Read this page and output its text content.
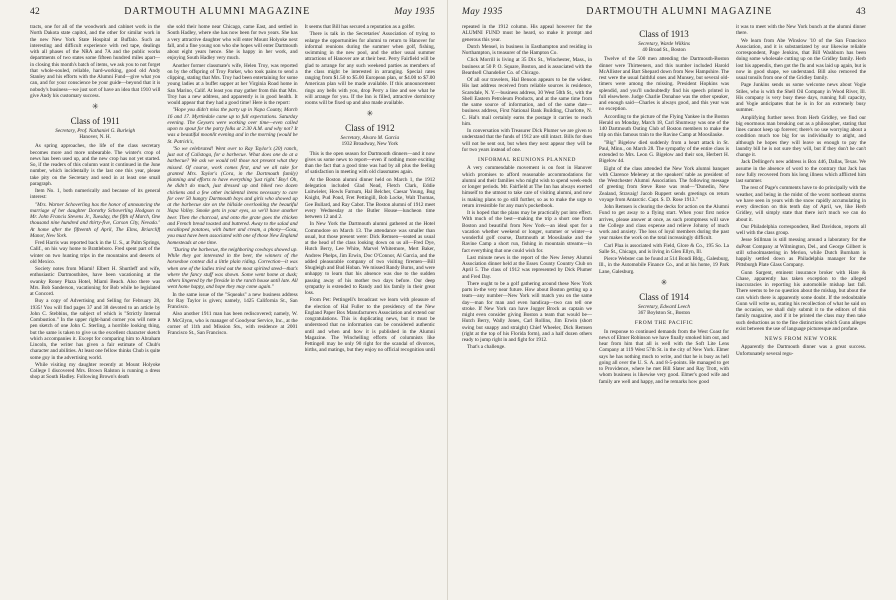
42	DARTMOUTH ALUMNI MAGAZINE	May 1935

tracts, one for all of the woodwork and cabinet work in the North Dakota state capitol, and the other for similar work in the new New York State Hospital at Buffalo. Such an interesting and difficult experience with red tape, dealings with all phases of the NRA and 7A and the public works departments of two states some fifteen hundred miles apart—in closing this month's batch of items, we ask you to not forget that whole-souled, reliable, hard-working, good old Andy Stanley and his efforts with the Alumni Fund—give what you can, and for your conscience be your guide—beyond that it is nobody's business—we just sort of have an idea that 1910 will give Andy his customary success.

✳
Class of 1911
Secretary, Prof. Nathaniel G. Burleigh
Hanover, N. H.

As spring approaches, the life of the class secretary becomes more and more unbearable. The winter's crop of news has been used up, and the new crop has not yet started. So, if the readers of this column want it continued in the June number, which incidentally is the last one this year, please take pity on the Secretary and send in at least one small paragraph.

Item No. 1, both numerically and because of its general interest:

"Mrs. Warner Schoverling has the honor of announcing the marriage of her daughter Dorothy Schoverling Hodgson to Mr. John Francis Stevens Jr., Tuesday, the fifth of March, One thousand nine hundred and thirty-five, Carson City, Nevada." At home after the fifteenth of April, The Elms, Briarcliff Manor, New York.

Fred Harris was reported back in the U. S., at Palm Springs, Calif., on his way home to Brattleboro. Fred spent part of the winter on two hunting trips in the mountains and deserts of old Mexico.

Society notes from Miami! Elbert H. Shurtleff and wife, enthusiastic Dartmouthites, have been vacationing at the swanky Roney Plaza Hotel, Miami Beach. Also there was Mrs. Bob Sanderson, vacationing for Bob while he legislated at Concord.

Buy a copy of Advertising and Selling for February 28, 1935! You will find pages 37 and 38 devoted to an article by John C. Stebbins, the subject of which is "Strictly Internal Combustion." In the upper right-hand corner you will note a pen sketch of one John C. Sterling, a horrible looking thing, but the same is taken to give us the excellent character sketch which accompanies it. Except for comparing him to Abraham Lincoln, the writer has given a fair estimate of Chub's character and abilities. At least one fellow thinks Chub is quite some guy in the advertising world.

While visiting my daughter recently at Mount Holyoke College I discovered Mrs. Brown Ralston is running a dress shop at South Hadley. Following Brown's death

she sold their home near Chicago, came East, and settled in South Hadley, where she has now been for two years. She has a very attractive daughter who will enter Mount Holyoke next fall, and a fine young son who she hopes will enter Dartmouth about eight years hence. She is happy in her work, and enjoying South Hadley very much.

Another former classmate's wife, Helen Troy, was reported on by the offspring of Troy Parker, who took pains to send a clipping, stating that Mrs. Troy had been entertaining for some young ladies at a buffet supper at her Virginia Road home in San Marino, Calif. At least you may gather from this that Mrs. Troy has a new address, and apparently is in good health. It would appear that they had a good time! Here is the report:

"Hope you didn't miss the party up in Napa County, March 16 and 17. Myrtledale came up to full expectations. Saturday evening. The Geysers were working over time—even called upon to spout for the party folks at 2:30 A.M. and why not? It was a beautiful moonlit evening and in the morning (would be St. Patrick's,

"So we celebrated! Went over to Ray Taylor's (20) ranch, just out of Calistoga, for a barbecue. What does one do at a barbecue? We ask we would tell those not present what they missed. Of course, work comes first, and we all take for granted Mrs. Taylor's (Cora, in the Dartmouth family) planning and efforts to have everything 'just right.' Boy! Oh, he didn't do much, just dressed up and hiked two dozen chickens and a few other incidental items necessary to care for over 50 hungry Dartmouth boys and girls who showed up at the barbecue site on the hillside overlooking the beautiful Napa Valley. Smoke gets in your eyes, so we'll have another beer. Then the charcoal, and onto the grate goes the chicken and French bread toasted and buttered. Away to the salad and escalloped potatoes, with butter and cream, a phony—Gosu, you must have been associated with one of those New England homesteads at one time.

"During the barbecue, the neighboring cowboys showed up. While they got interested in the beer, the winners of the horseshoe contest did a little plain riding. Correction—it was when one of the ladies tried out the most spirited steed—that's where the fancy stuff was shown. Some went home at dusk; others lingered by the fireside in the ranch house until late. All went home happy, and hope they may come again."

In the same issue of the "Squeaks" a new business address for Ray Taylor is given; namely, 1425 California St., San Francisco.

Also another 1911 man has been rediscovered; namely, W. P. McGlynn, who is manager of Goodyear Service, Inc., at the corner of 11th and Mission Sts., with residence at 2001 Francisco St., San Francisco.

It seems that Bill has secured a reputation as a golfer.

There is talk in the Secretaries' Association of trying to enlarge the opportunities for alumni to return to Hanover for informal reunions during the summer when golf, fishing, swimming in the new pool, and the other usual summer attractions of Hanover are at their best. Perry Fairfield will be glad to arrange for any such weekend parties as members of the class might be interested in arranging. Special rates ranging from $1.50 to $5.00 European plan, or $4.00 to $7.00 American plan will be made available. If this announcement rings any bells with you, drop Perry a line and see what he will arrange for you. If the Inn is filled, attractive dormitory rooms will be fixed up and also made available.

✳
Class of 1912
Secretary, Alvaro M. Garcia
1932 Broadway, New York

This is the open season for Dartmouth dinners—and it now gives us some news to report—even if nothing more exciting than the fact that a good time was had by all plus the feeling of satisfaction in meeting with old classmates again.

At the Boston alumni dinner held on March 1, the 1912 delegation included Glad Nead, Fletch Clark, Eddie Luitwieler, Howls Farnum, Hal Belcher, Caesar Young, Bug Knight, Pud Pond, Fret Pettingill, Bob Locke, Walt Thomas, Gee Bullard, and Ray Cabot. The Boston alumni of 1912 meet every Wednesday at the Butler House—luncheon time between 12 and 2.

In New York the Dartmouth alumni gathered at the Hotel Commodore on March 13. The attendance was smaller than usual, but those present were: Dick Remsen—seated as usual at the head of the class looking down on us all—Fred Dye, Hutch Berry, Lee White, Marvel Whitemore, Mert Baker, Andrew Phelps, Jim Erwin, Doc O'Connor, Al Garcia, and the added pleasurable company of two visiting firemen—Bill Shugleigh and Bud Hoban. We missed Randy Burns, and were unhappy to learn that his absence was due to the sudden passing away of his mother two days before. Our deep sympathy is extended to Randy and his family in their great loss.

From Pet: Pettingell's broadcast we learn with pleasure of the election of Hal Fuller to the presidency of the New England Paper Box Manufacturers Association and extend our congratulations. This is duplicating news, but it must be understood that no information can be considered authentic until and when and how it is published in the Alumni Magazine. The Winchelling efforts of columnists like Pettingell may be only 90 right for the scandal of divorces, births, and matings, but they enjoy no official recognition until

May 1935	DARTMOUTH ALUMNI MAGAZINE	43

repeated in the 1912 column. His appeal however for the ALUMNI FUND must be heard, so make it prompt and generous this year.

Dutch Mensel, in business in Easthampton and residing in Northampton, is treasurer of the Hampton Co.

Click Morrill is living at 35 Dix St., Winchester, Mass., in business at 50 P. O. Square, Boston, and is associated with the Beardsell Chandelier Co. of Chicago.

Of all our travelers, Hal Benson appears to be the widest. His last address received from reliable sources is residence, Scarsdale, N. Y.—business address, 30 West 50th St., with the Shell Eastern Petroleum Products, and at the same time from the same source of information, and of the same date—business address, First National Bank Building, Charlotte, N. C. Hal's mail certainly earns the postage it carries to reach him.

In conversation with Treasurer Dick Plumer we are given to understand that the funds of 1912 are still intact. Bills for dues will not be sent out, but when they next appear they will be for two years instead of one.

INFORMAL REUNIONS PLANNED

A very commendable movement is on foot in Hanover which promises to afford reasonable accommodations for alumni and their families who might wish to spend week-ends or longer periods. Mr. Fairfield at The Inn has always exerted himself to the utmost to take care of visiting alumni, and now is making plans to go still further, so as to make the urge to return irresistible for any man's pocketbook.

It is hoped that the plans may be practically put into effect. With much of the best—making the trip a short one from Boston and beautiful from New York—an ideal spot for a vacation whether weekend or longer, summer or winter—a wonderful golf course, Dartmouth at Moosilauke and the Ravine Camp a short run, fishing in mountain streams—in fact everything that one could wish for.

Last minute news is the report of the New Jersey Alumni Association dinner held at the Essex County Country Club on April 5. The class of 1912 was represented by Dick Plumer and Fred Day.

There ought to be a golf gathering around these New York parts in-the very near future. How about Boston getting up a team—any number—New York will match you on the same day—man for man and even handicap—two can tell one stroke. If New York can have Jogger Brock as captain we might even consider giving Boston a team that would be—Hutch Berry, Wally Jones, Carl Rollins, Jim Erwin (short swing but snappy and straight) Chief Wheeler, Dick Remsen (right at the top of his Florida form), and a half dozen others ready to jump right in and fight for 1912.

That's a challenge.

Class of 1913
Secretary, Warde Wilkins
40 Broad St., Boston

Twelve of the 500 men attending the Dartmouth-Boston dinner were Thirteeners, and this number included Harold McAllister and Bart Shepard down from New Hampshire. The rest were the usual faithful ones and Munsey, but several old-timers were among the missing. President Hopkins was splendid, and you'll undoubtedly find his speech printed in full elsewhere. Judge Charlie Donahue was the other speaker, and enough said—Charles is always good, and this year was no exception.

According to the picture of the Flying Yankee in the Boston Herald on Monday, March 18, Carl Shumway was one of the 140 Dartmouth Outing Club of Boston members to make the trip on this famous train to the Ravine Camp at Moosilauke.

"Big" Bigelow died suddenly from a heart attack in St. Paul, Minn., on March 28. The sympathy of the entire class is extended to Mrs. Leon G. Bigelow and their son, Herbert H. Bigelow 4d.

Eight of the class attended the New York alumni banquet with Clarence Meleney at the speakers' table as president of the Westchester Alumni Association. The following message of greeting from Steve Rose was read—"Dunedin, New Zealand, Stravaig! Jacob Ruppert sends greetings on return voyage from Antarctic. Capt. S. D. Rose 1913."

John Remsen is clearing the decks for action on the Alumni Fund to get away to a flying start. When your first notice arrives, please answer at once, as such promptness will save the College and class expense and relieve Johnny of much work and anxiety. The loss of loyal members during the past year makes the work on the total increasingly difficult.

Carl Plaa is associated with Field, Glore & Co., 195 So. La Salle St., Chicago, and is living in Glen Ellyn, Ill.

Pierce Webster can be found at 514 Bondi Bldg., Galesburg, Ill., in the Automobile Finance Co., and at his home, 19 Park Lane, Galesburg.

✳
Class of 1914
Secretary, Edward Leech
367 Boylston St., Boston
FROM THE PACIFIC

In response to continued demands from the West Coast for news of Elmer Robinson we have finally smoked him out, and hear from him that all is well with the Soft Lite Lens Company at 119 West 57th St. in the city of New York. Elmer says he has nothing much to write, and that he is busy as hell going all over the U. S. A. and 8-5-points. He managed to get to Providence, where he met Bill Slater and Ray Trott, with whom business is likewise very good. Elmer's good wife and family are well and happy, and he remarks how good

it was to meet with the New York bunch at the alumni dinner there.

We learn from Abe Winslow '10 of the San Francisco Association, and it is substantiated by our likewise reliable correspondent, Page Jenkins, that Bill Washburn has been doing some wholesale cutting up on the Gridley family. Herb lost his appendix, then got the flu and was laid up again, but is now in good shape, we understand. Bill also removed the usual tonsils from one of the Gridley family.

Page Junkins sends us some welcome news about Vogie Stiles, who is with the Shell Oil Company in Wood River, Ill. His company is very busy these days, running full capacity, and Vogie anticipates that he is in for an extremely busy summer.

Amplifying further news from Herb Gridley, we find our big enormous man breaking out as a philosopher, stating that lines cannot keep up forever; there's no use worrying about a condition much too big for us individually to atight, and although he hopes they will leave us enough to pay the laundry bill he is not sure they will, but if they don't he can't change it.

Jack Dellinger's new address is Box 446, Dallas, Texas. We assume in the absence of word to the contrary that Jack has now fully recovered from his long illness which afflicted him last summer.

The rest of Page's comments have to do principally with the weather, and being in the midst of the worst northeast storms we have seen in years with the snow rapidly accumulating in every direction on this tenth day of April, we, like Herb Gridley, will simply state that there isn't much we can do about it.

Our Philadelphia correspondent, Red Davidson, reports all well with the class group.

Jesse Stillman is still messing around a laboratory for the duPont Company at Wilmington, Del., and George Gilbert is still schoolmastering in Merion, while Dutch Burnham is happily settled down as Philadelphia manager for the Pittsburgh Plate Glass Company.

Gunn Sargent, eminent insurance broker with Hare & Chase, apparently has taken exception to the alleged inaccuracies in reporting his automobile mishap last fall. There seems to be no question about the mishap, but about the cars which there is apparently some doubt. If the redoubtable Gunn will write us, stating his recollection of what he said on the occasion, we shall duly submit it to the editors of this family magazine, and if it be printed the class may then take such deductions as to the fine distinctions which Gunn alleges exist between the use of language picturesque and profane.

NEWS FROM NEW YORK

Apparently the Dartmouth dinner was a great success. Unfortunately several regu-
